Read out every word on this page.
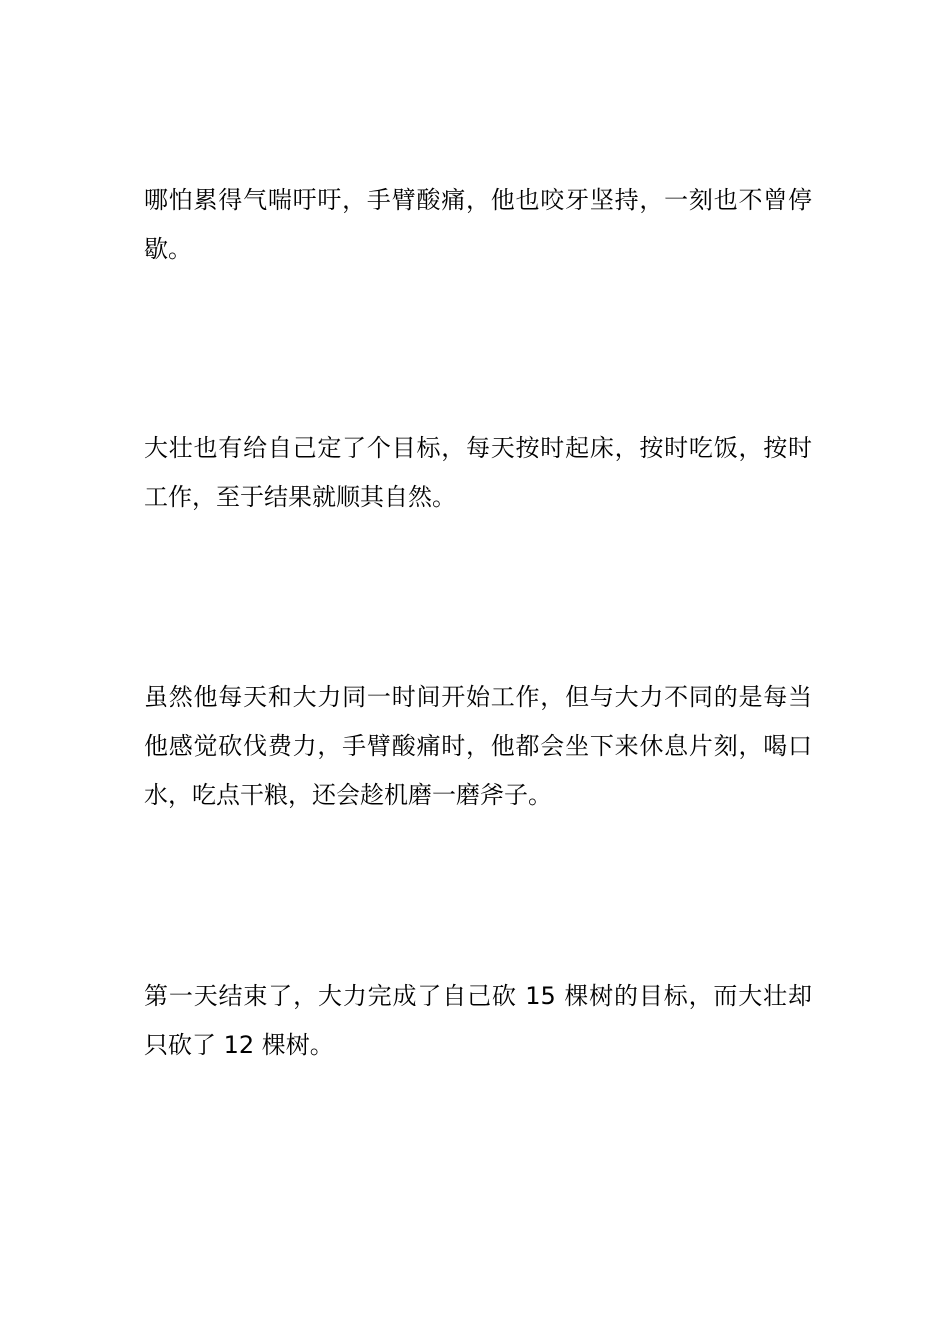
哪怕累得气喘吁吁，手臂酸痛，他也咬牙坚持，一刻也不曾停歇。

大壮也有给自己定了个目标，每天按时起床，按时吃饭，按时工作，至于结果就顺其自然。

虽然他每天和大力同一时间开始工作，但与大力不同的是每当他感觉砍伐费力，手臂酸痛时，他都会坐下来休息片刻，喝口水，吃点干粮，还会趁机磨一磨斧子。

第一天结束了，大力完成了自己砍 15 棵树的目标，而大壮却只砍了 12 棵树。
